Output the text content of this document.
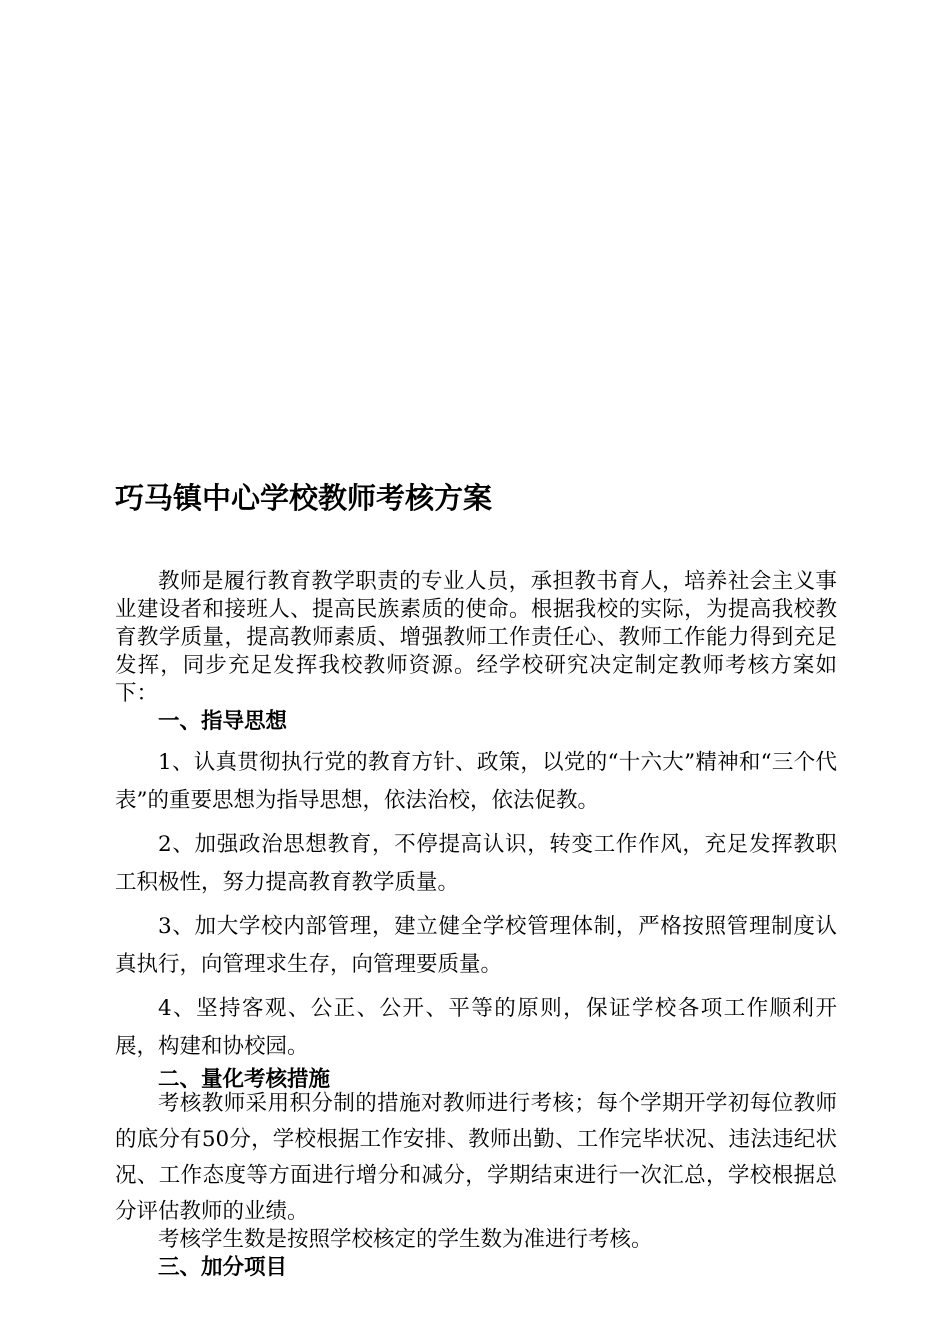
巧马镇中心学校教师考核方案

教师是履行教育教学职责的专业人员，承担教书育人，培养社会主义事业建设者和接班人、提高民族素质的使命。根据我校的实际，为提高我校教育教学质量，提高教师素质、增强教师工作责任心、教师工作能力得到充足发挥，同步充足发挥我校教师资源。经学校研究决定制定教师考核方案如下：

一、指导思想

1、认真贯彻执行党的教育方针、政策，以党的“十六大”精神和“三个代表”的重要思想为指导思想，依法治校，依法促教。

2、加强政治思想教育，不停提高认识，转变工作作风，充足发挥教职工积极性，努力提高教育教学质量。

3、加大学校内部管理，建立健全学校管理体制，严格按照管理制度认真执行，向管理求生存，向管理要质量。

4、坚持客观、公正、公开、平等的原则，保证学校各项工作顺利开展，构建和协校园。

二、量化考核措施

考核教师采用积分制的措施对教师进行考核；每个学期开学初每位教师的底分有50分，学校根据工作安排、教师出勤、工作完毕状况、违法违纪状况、工作态度等方面进行增分和减分，学期结束进行一次汇总，学校根据总分评估教师的业绩。

考核学生数是按照学校核定的学生数为准进行考核。

三、加分项目
